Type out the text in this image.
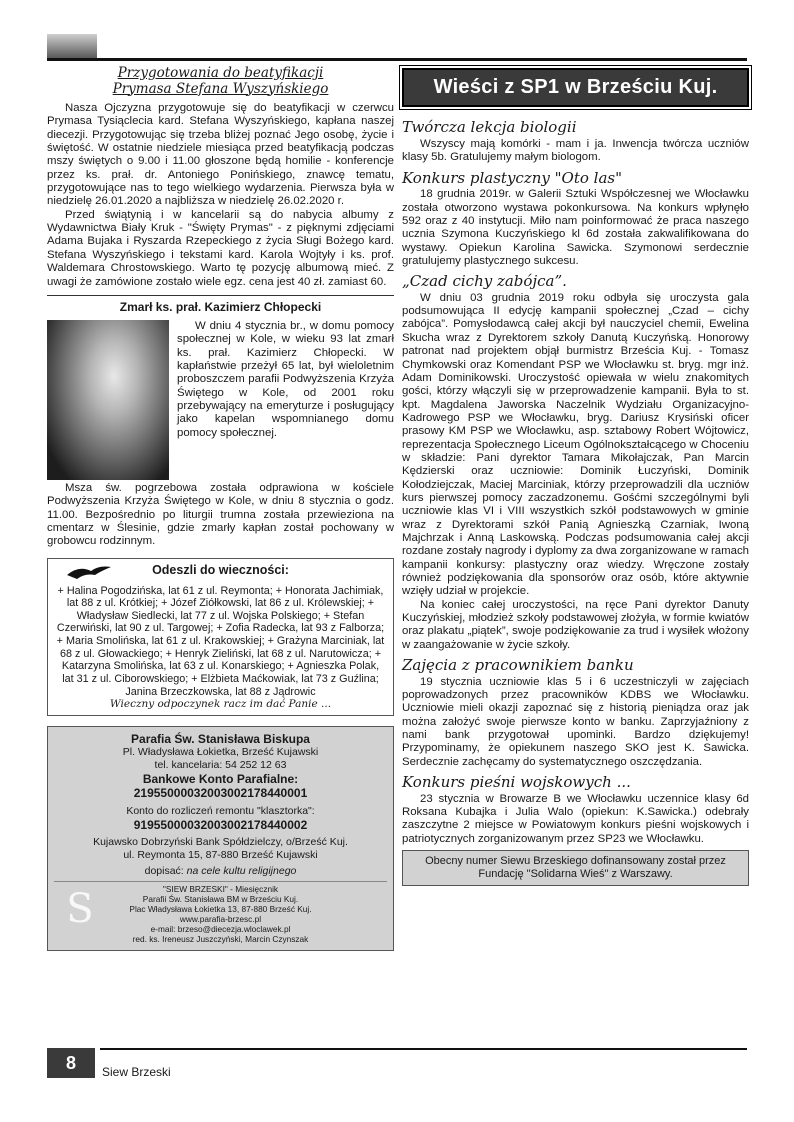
Przygotowania do beatyfikacji
Prymasa Stefana Wyszyńskiego

Nasza Ojczyzna przygotowuje się do beatyfikacji w czerwcu Prymasa Tysiąclecia kard. Stefana Wyszyńskiego, kapłana naszej diecezji. Przygotowując się trzeba bliżej poznać Jego osobę, życie i świętość. W ostatnie niedziele miesiąca przed beatyfikacją podczas mszy świętych o 9.00 i 11.00 głoszone będą homilie - konferencje przez ks. prał. dr. Antoniego Ponińskiego, znawcę tematu, przygotowujące nas to tego wielkiego wydarzenia. Pierwsza była w niedzielę 26.01.2020 a najbliższa w niedzielę 26.02.2020 r.

Przed świątynią i w kancelarii są do nabycia albumy z Wydawnictwa Biały Kruk - "Święty Prymas" - z pięknymi zdjęciami Adama Bujaka i Ryszarda Rzepeckiego z życia Sługi Bożego kard. Stefana Wyszyńskiego i tekstami kard. Karola Wojtyły i ks. prof. Waldemara Chrostowskiego. Warto tę pozycję albumową mieć. Z uwagi że zamówione zostało wiele egz. cena jest 40 zł. zamiast 60.

Zmarł ks. prał. Kazimierz Chłopecki

W dniu 4 stycznia br., w domu pomocy społecznej w Kole, w wieku 93 lat zmarł ks. prał. Kazimierz Chłopecki. W kapłaństwie przeżył 65 lat, był wieloletnim proboszczem parafii Podwyższenia Krzyża Świętego w Kole, od 2001 roku przebywający na emeryturze i posługujący jako kapelan wspomnianego domu pomocy społecznej.

Msza św. pogrzebowa została odprawiona w kościele Podwyższenia Krzyża Świętego w Kole, w dniu 8 stycznia o godz. 11.00. Bezpośrednio po liturgii trumna została przewieziona na cmentarz w Ślesinie, gdzie zmarły kapłan został pochowany w grobowcu rodzinnym.

Odeszli do wieczności:

+ Halina Pogodzińska, lat 61 z ul. Reymonta; + Honorata Jachimiak, lat 88 z ul. Krótkiej; + Józef Ziółkowski, lat 86 z ul. Królewskiej; + Władysław Siedlecki, lat 77 z ul. Wojska Polskiego; + Stefan Czerwiński, lat 90 z ul. Targowej; + Zofia Radecka, lat 93 z Falborza; + Maria Smolińska, lat 61 z ul. Krakowskiej; + Grażyna Marciniak, lat 68 z ul. Głowackiego; + Henryk Zieliński, lat 68 z ul. Narutowicza; + Katarzyna Smolińska, lat 63 z ul. Konarskiego; + Agnieszka Polak, lat 31 z ul. Ciborowskiego; + Elżbieta Maćkowiak, lat 73 z Guźlina; Janina Brzeczkowska, lat 88 z Jądrowic

Wieczny odpoczynek racz im dać Panie ...

Parafia Św. Stanisława Biskupa
Pl. Władysława Łokietka, Brześć Kujawski
tel. kancelaria: 54 252 12 63
Bankowe Konto Parafialne:
21955000032003002178440001
Konto do rozliczeń remontu "klasztorka":
91955000032003002178440002
Kujawsko Dobrzyński Bank Spółdzielczy, o/Brześć Kuj.
ul. Reymonta 15, 87-880 Brześć Kujawski
dopisać: na cele kultu religijnego
S	"SIEW BRZESKI" - Miesięcznik
Parafii Św. Stanisława BM w Brześciu Kuj.
Plac Władysława Łokietka 13, 87-880 Brześć Kuj.
www.parafia-brzesc.pl
e-mail: brzeso@diecezja.wloclawek.pl
red. ks. Ireneusz Juszczyński, Marcin Czynszak
Wieści z SP1 w Brześciu Kuj.
Twórcza lekcja biologii

Wszyscy mają komórki - mam i ja. Inwencja twórcza uczniów klasy 5b. Gratulujemy małym biologom.

Konkurs plastyczny "Oto las"

18 grudnia 2019r. w Galerii Sztuki Współczesnej we Włocławku została otworzono wystawa pokonkursowa. Na konkurs wpłynęło 592 oraz z 40 instytucji. Miło nam poinformować że praca naszego ucznia Szymona Kuczyńskiego kl 6d została zakwalifikowana do wystawy. Opiekun Karolina Sawicka. Szymonowi serdecznie gratulujemy plastycznego sukcesu.

„Czad cichy zabójca”.

W dniu 03 grudnia 2019 roku odbyła się uroczysta gala podsumowująca II edycję kampanii społecznej „Czad – cichy zabójca”. Pomysłodawcą całej akcji był nauczyciel chemii, Ewelina Skucha wraz z Dyrektorem szkoły Danutą Kuczyńską. Honorowy patronat nad projektem objął burmistrz Brześcia Kuj. - Tomasz Chymkowski oraz Komendant PSP we Włocławku st. bryg. mgr inż. Adam Dominikowski. Uroczystość opiewała w wielu znakomitych gości, którzy włączyli się w przeprowadzenie kampanii. Była to st. kpt. Magdalena Jaworska Naczelnik Wydziału Organizacyjno-Kadrowego PSP we Włocławku, bryg. Dariusz Krysiński oficer prasowy KM PSP we Włocławku, asp. sztabowy Robert Wójtowicz, reprezentacja Społecznego Liceum Ogólnokształcącego w Choceniu w składzie: Pani dyrektor Tamara Mikołajczak, Pan Marcin Kędzierski oraz uczniowie: Dominik Łuczyński, Dominik Kołodziejczak, Maciej Marciniak, którzy przeprowadzili dla uczniów kurs pierwszej pomocy zaczadzonemu. Gośćmi szczególnymi byli uczniowie klas VI i VIII wszystkich szkół podstawowych w gminie wraz z Dyrektorami szkół Panią Agnieszką Czarniak, Iwoną Majchrzak i Anną Laskowską. Podczas podsumowania całej akcji rozdane zostały nagrody i dyplomy za dwa zorganizowane w ramach kampanii konkursy: plastyczny oraz wiedzy. Wręczone zostały również podziękowania dla sponsorów oraz osób, które aktywnie wzięły udział w projekcie.

Na koniec całej uroczystości, na ręce Pani dyrektor Danuty Kuczyńskiej, młodzież szkoły podstawowej złożyła, w formie kwiatów oraz plakatu „piątek”, swoje podziękowanie za trud i wysiłek włożony w zaangażowanie w życie szkoły.

Zajęcia z pracownikiem banku

19 stycznia uczniowie klas 5 i 6 uczestniczyli w zajęciach poprowadzonych przez pracowników KDBS we Włocławku. Uczniowie mieli okazji zapoznać się z historią pieniądza oraz jak można założyć swoje pierwsze konto w banku. Zaprzyjaźniony z nami bank przygotował upominki. Bardzo dziękujemy! Przypominamy, że opiekunem naszego SKO jest K. Sawicka. Serdecznie zachęcamy do systematycznego oszczędzania.

Konkurs pieśni wojskowych ...

23 stycznia w Browarze B we Włocławku uczennice klasy 6d Roksana Kubajka i Julia Walo (opiekun: K.Sawicka.) odebrały zaszczytne 2 miejsce w Powiatowym konkurs pieśni wojskowych i patriotycznych zorganizowanym przez SP23 we Włocławku.

Obecny numer Siewu Brzeskiego dofinansowany został przez Fundację "Solidarna Wieś" z Warszawy.
8	Siew Brzeski
